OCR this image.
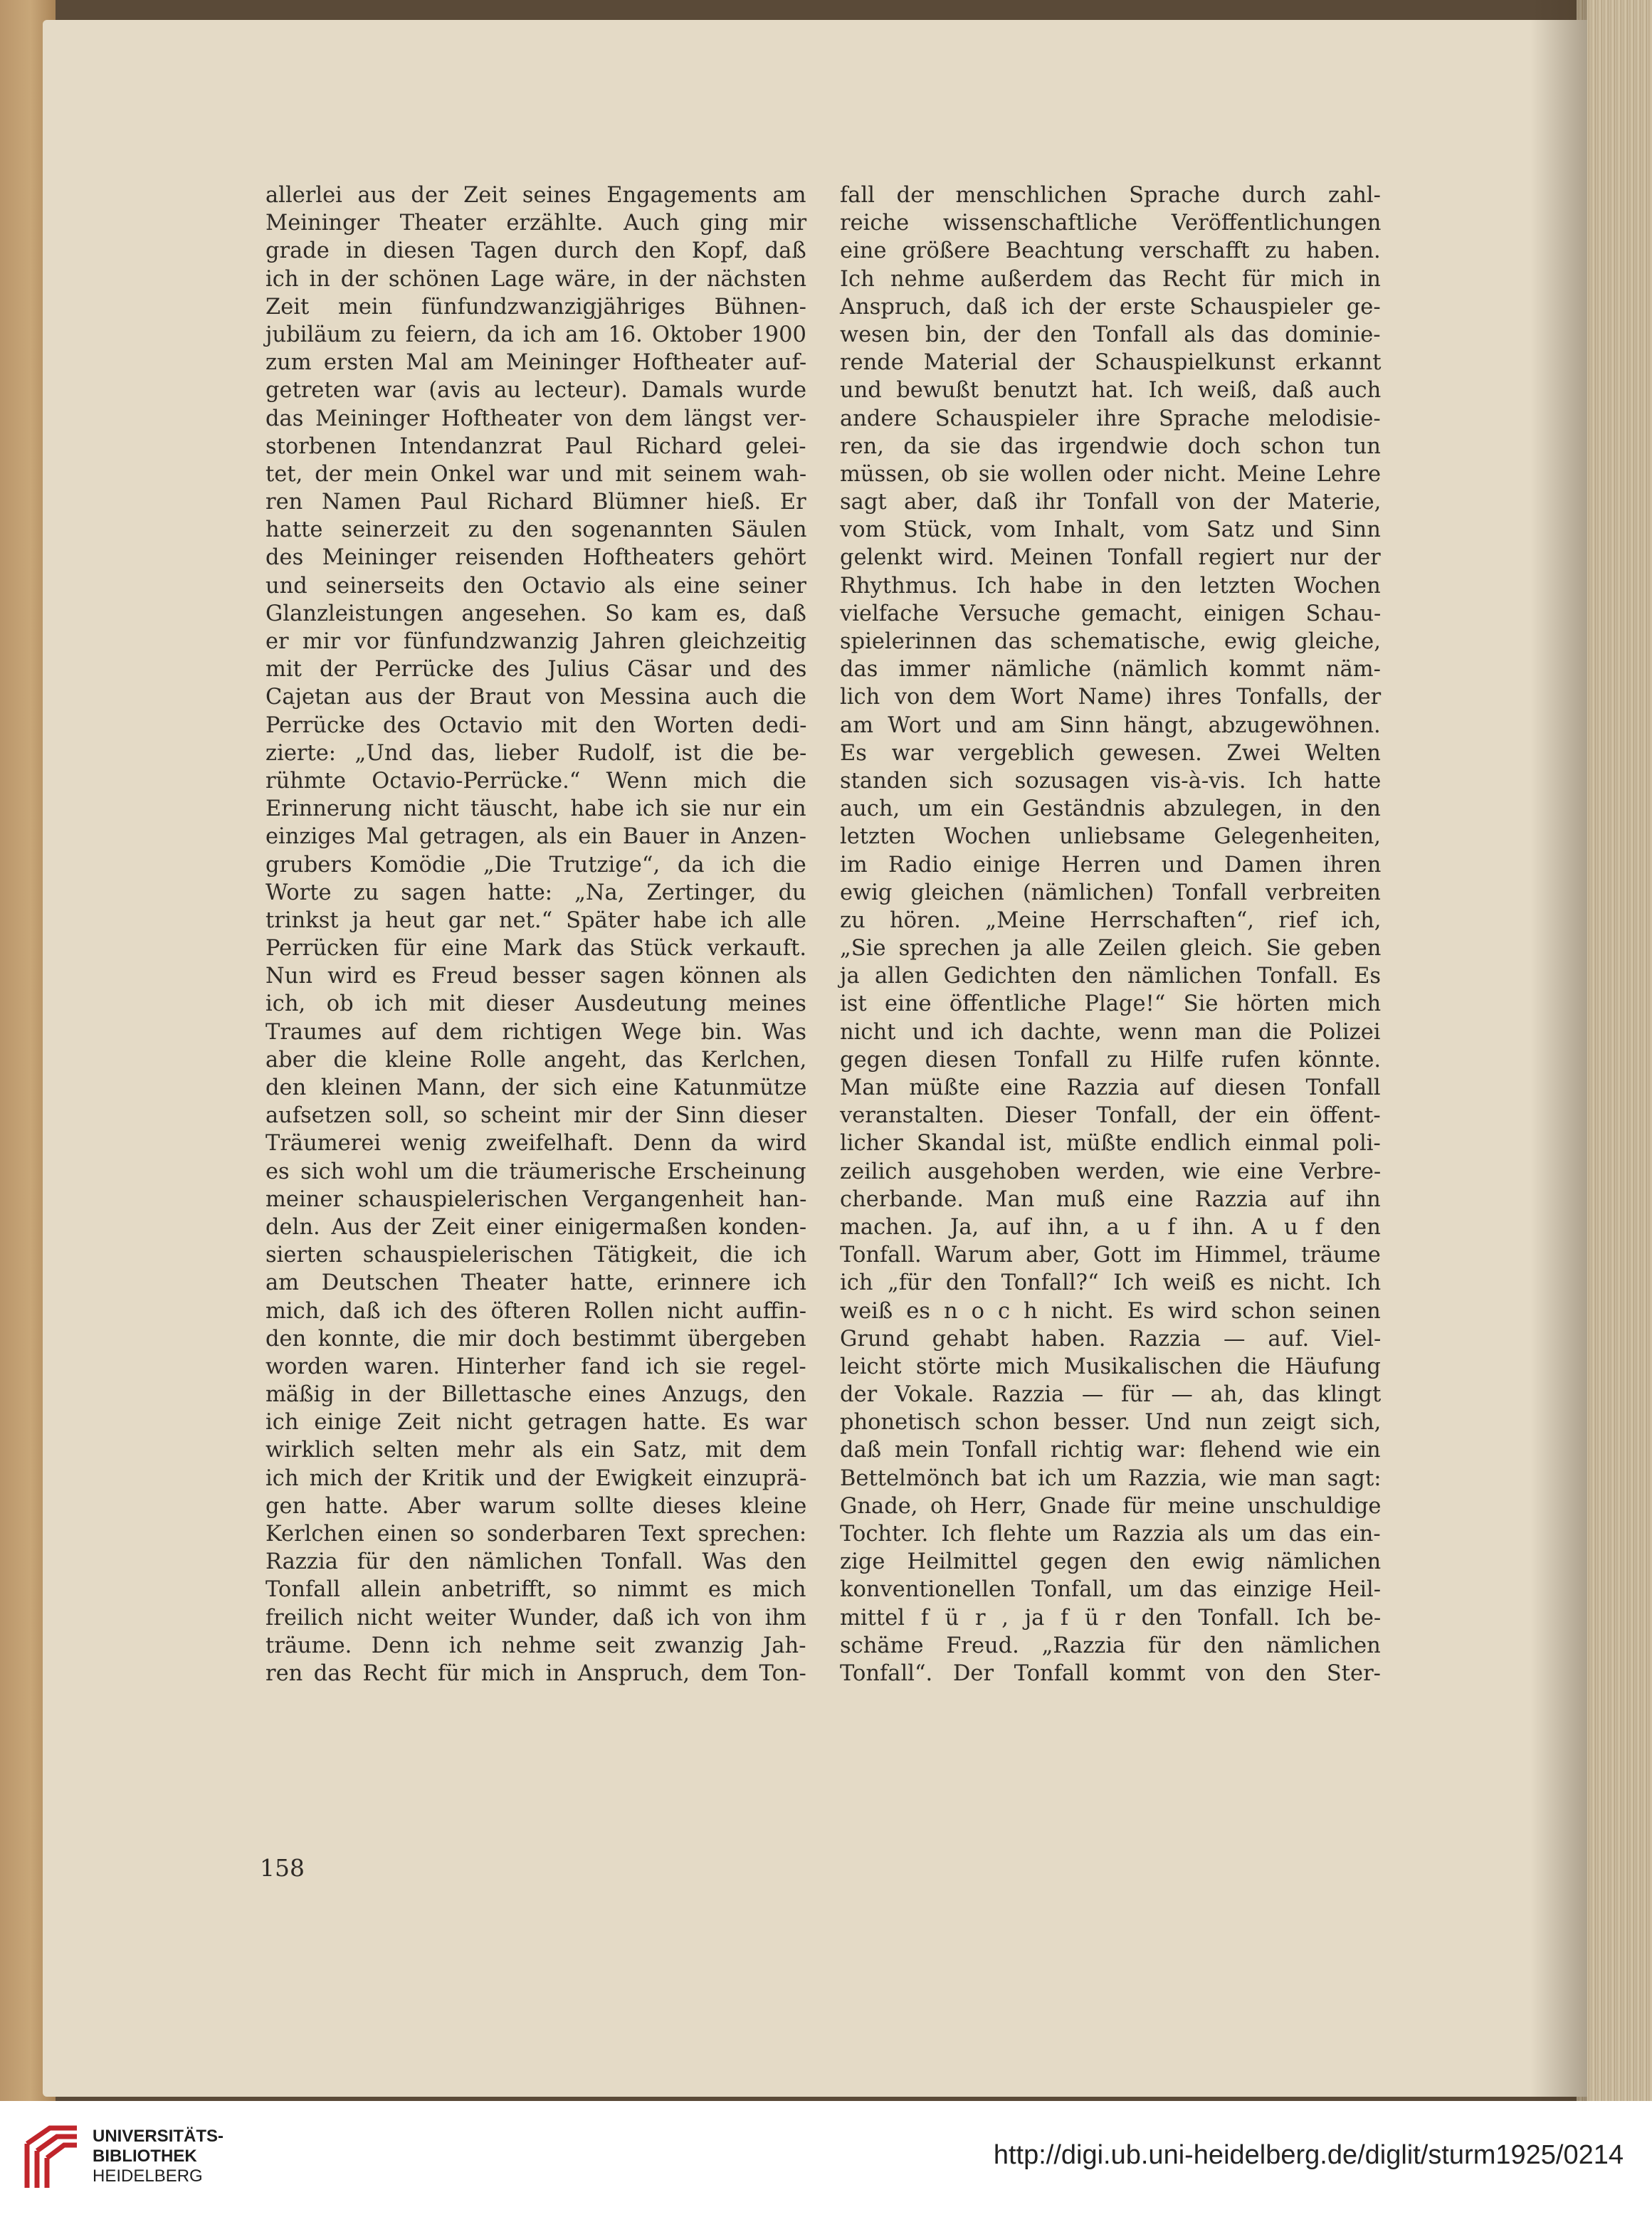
allerlei aus der Zeit seines Engagements am
Meininger Theater erzählte. Auch ging mir
grade in diesen Tagen durch den Kopf, daß
ich in der schönen Lage wäre, in der nächsten
Zeit mein fünfundzwanzigjähriges Bühnen-
jubiläum zu feiern, da ich am 16. Oktober 1900
zum ersten Mal am Meininger Hoftheater auf-
getreten war (avis au lecteur). Damals wurde
das Meininger Hoftheater von dem längst ver-
storbenen Intendanzrat Paul Richard gelei-
tet, der mein Onkel war und mit seinem wah-
ren Namen Paul Richard Blümner hieß. Er
hatte seinerzeit zu den sogenannten Säulen
des Meininger reisenden Hoftheaters gehört
und seinerseits den Octavio als eine seiner
Glanzleistungen angesehen. So kam es, daß
er mir vor fünfundzwanzig Jahren gleichzeitig
mit der Perrücke des Julius Cäsar und des
Cajetan aus der Braut von Messina auch die
Perrücke des Octavio mit den Worten dedi-
zierte: „Und das, lieber Rudolf, ist die be-
rühmte Octavio-Perrücke.“ Wenn mich die
Erinnerung nicht täuscht, habe ich sie nur ein
einziges Mal getragen, als ein Bauer in Anzen-
grubers Komödie „Die Trutzige“, da ich die
Worte zu sagen hatte: „Na, Zertinger, du
trinkst ja heut gar net.“ Später habe ich alle
Perrücken für eine Mark das Stück verkauft.
Nun wird es Freud besser sagen können als
ich, ob ich mit dieser Ausdeutung meines
Traumes auf dem richtigen Wege bin. Was
aber die kleine Rolle angeht, das Kerlchen,
den kleinen Mann, der sich eine Katunmütze
aufsetzen soll, so scheint mir der Sinn dieser
Träumerei wenig zweifelhaft. Denn da wird
es sich wohl um die träumerische Erscheinung
meiner schauspielerischen Vergangenheit han-
deln. Aus der Zeit einer einigermaßen konden-
sierten schauspielerischen Tätigkeit, die ich
am Deutschen Theater hatte, erinnere ich
mich, daß ich des öfteren Rollen nicht auffin-
den konnte, die mir doch bestimmt übergeben
worden waren. Hinterher fand ich sie regel-
mäßig in der Billettasche eines Anzugs, den
ich einige Zeit nicht getragen hatte. Es war
wirklich selten mehr als ein Satz, mit dem
ich mich der Kritik und der Ewigkeit einzuprä-
gen hatte. Aber warum sollte dieses kleine
Kerlchen einen so sonderbaren Text sprechen:
Razzia für den nämlichen Tonfall. Was den
Tonfall allein anbetrifft, so nimmt es mich
freilich nicht weiter Wunder, daß ich von ihm
träume. Denn ich nehme seit zwanzig Jah-
ren das Recht für mich in Anspruch, dem Ton-
fall der menschlichen Sprache durch zahl-
reiche wissenschaftliche Veröffentlichungen
eine größere Beachtung verschafft zu haben.
Ich nehme außerdem das Recht für mich in
Anspruch, daß ich der erste Schauspieler ge-
wesen bin, der den Tonfall als das dominie-
rende Material der Schauspielkunst erkannt
und bewußt benutzt hat. Ich weiß, daß auch
andere Schauspieler ihre Sprache melodisie-
ren, da sie das irgendwie doch schon tun
müssen, ob sie wollen oder nicht. Meine Lehre
sagt aber, daß ihr Tonfall von der Materie,
vom Stück, vom Inhalt, vom Satz und Sinn
gelenkt wird. Meinen Tonfall regiert nur der
Rhythmus. Ich habe in den letzten Wochen
vielfache Versuche gemacht, einigen Schau-
spielerinnen das schematische, ewig gleiche,
das immer nämliche (nämlich kommt näm-
lich von dem Wort Name) ihres Tonfalls, der
am Wort und am Sinn hängt, abzugewöhnen.
Es war vergeblich gewesen. Zwei Welten
standen sich sozusagen vis-à-vis. Ich hatte
auch, um ein Geständnis abzulegen, in den
letzten Wochen unliebsame Gelegenheiten,
im Radio einige Herren und Damen ihren
ewig gleichen (nämlichen) Tonfall verbreiten
zu hören. „Meine Herrschaften“, rief ich,
„Sie sprechen ja alle Zeilen gleich. Sie geben
ja allen Gedichten den nämlichen Tonfall. Es
ist eine öffentliche Plage!“ Sie hörten mich
nicht und ich dachte, wenn man die Polizei
gegen diesen Tonfall zu Hilfe rufen könnte.
Man müßte eine Razzia auf diesen Tonfall
veranstalten. Dieser Tonfall, der ein öffent-
licher Skandal ist, müßte endlich einmal poli-
zeilich ausgehoben werden, wie eine Verbre-
cherbande. Man muß eine Razzia auf ihn
machen. Ja, auf ihn, a u f ihn. A u f den
Tonfall. Warum aber, Gott im Himmel, träume
ich „für den Tonfall?“ Ich weiß es nicht. Ich
weiß es n o c h nicht. Es wird schon seinen
Grund gehabt haben. Razzia — auf. Viel-
leicht störte mich Musikalischen die Häufung
der Vokale. Razzia — für — ah, das klingt
phonetisch schon besser. Und nun zeigt sich,
daß mein Tonfall richtig war: flehend wie ein
Bettelmönch bat ich um Razzia, wie man sagt:
Gnade, oh Herr, Gnade für meine unschuldige
Tochter. Ich flehte um Razzia als um das ein-
zige Heilmittel gegen den ewig nämlichen
konventionellen Tonfall, um das einzige Heil-
mittel f ü r , ja f ü r den Tonfall. Ich be-
schäme Freud. „Razzia für den nämlichen
Tonfall“. Der Tonfall kommt von den Ster-
158
UNIVERSITÄTS-
BIBLIOTHEK
HEIDELBERG
http://digi.ub.uni-heidelberg.de/diglit/sturm1925/0214
